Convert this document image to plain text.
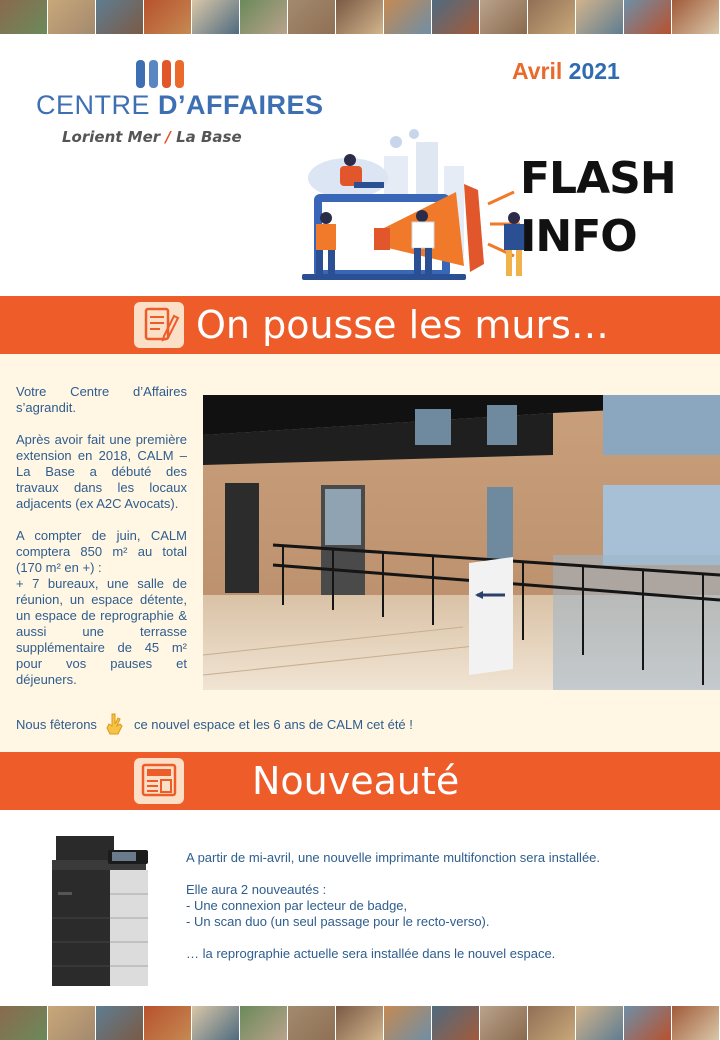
CENTRE D’AFFAIRES
Lorient Mer / La Base
Avril 2021
FLASH
INFO
On pousse les murs…

Votre Centre d’Affaires s’agrandit.

Après avoir fait une première extension en 2018, CALM – La Base a débuté des travaux dans les locaux adjacents (ex A2C Avocats).

A compter de juin, CALM comptera 850 m² au total (170 m² en +) :

+ 7 bureaux, une salle de réunion, un espace détente, un espace de reprographie & aussi une terrasse supplémentaire de 45 m² pour vos pauses et déjeuners.

Nous fêterons	ce nouvel espace et les 6 ans de CALM cet été !
Nouveauté

A partir de mi-avril, une nouvelle imprimante multifonction sera installée.

Elle aura 2 nouveautés :

- Une connexion par lecteur de badge,
- Un scan duo (un seul passage pour le recto-verso).

… la reprographie actuelle sera installée dans le nouvel espace.
